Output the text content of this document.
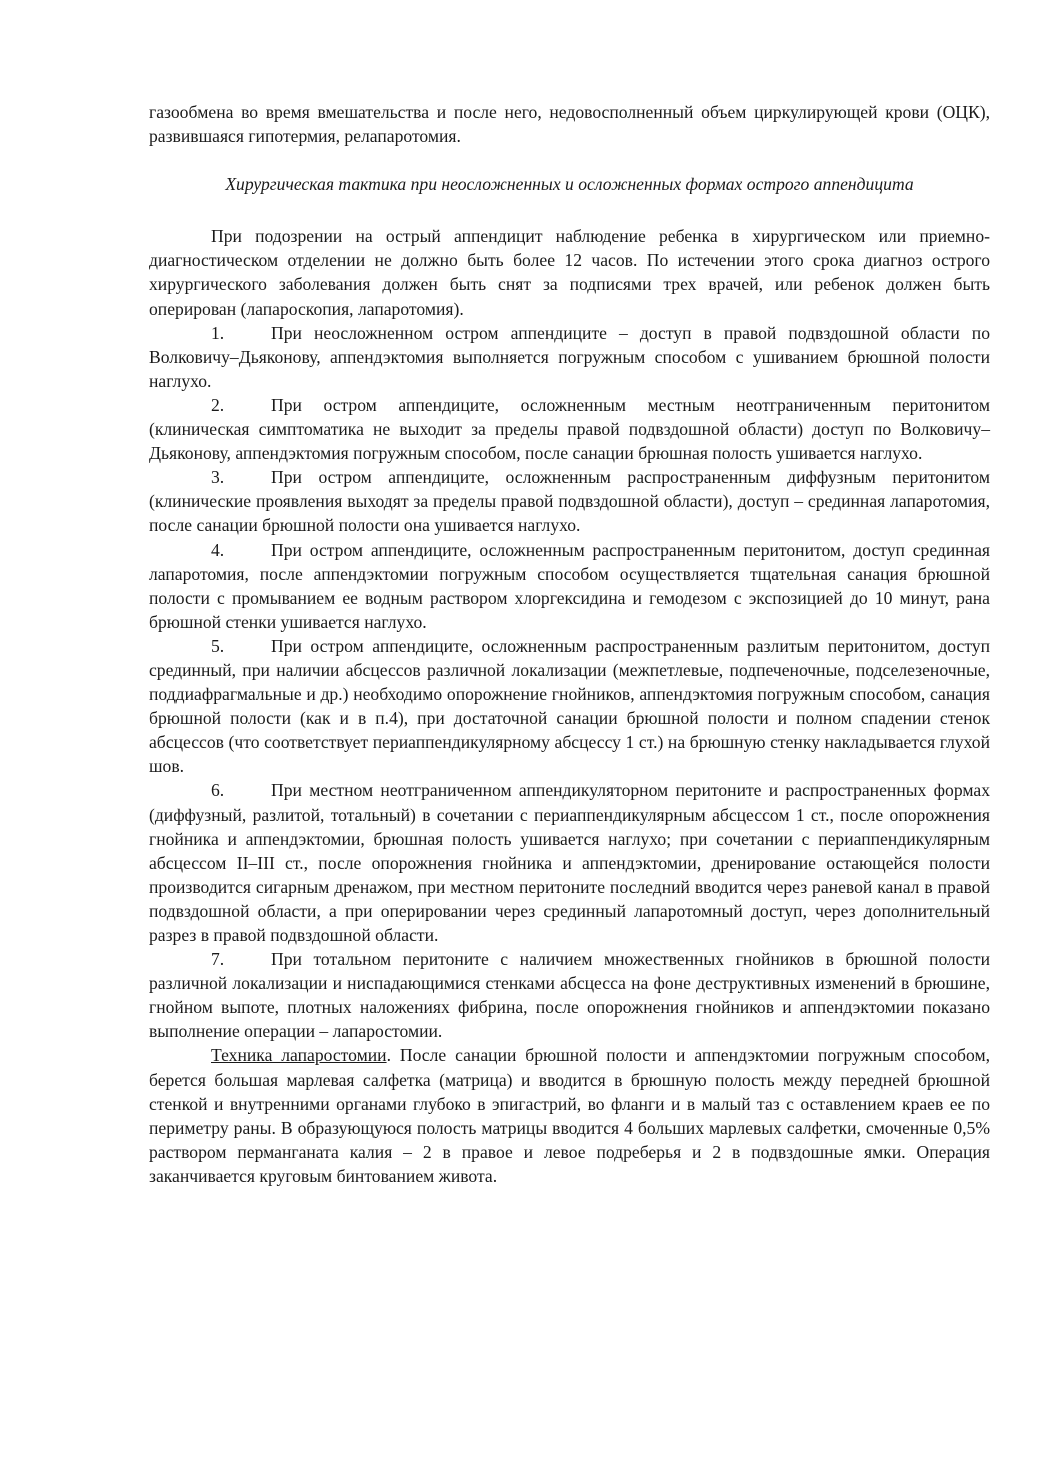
газообмена во время вмешательства и после него, недовосполненный объем циркулирующей крови (ОЦК), развившаяся гипотермия, релапаротомия.

Хирургическая тактика при неосложненных и осложненных формах острого аппендицита

При подозрении на острый аппендицит наблюдение ребенка в хирургическом или приемно-диагностическом отделении не должно быть более 12 часов. По истечении этого срока диагноз острого хирургического заболевания должен быть снят за подписями трех врачей, или ребенок должен быть оперирован (лапароскопия, лапаротомия).

1.	При неосложненном остром аппендиците – доступ в правой подвздошной области по Волковичу–Дьяконову, аппендэктомия выполняется погружным способом с ушиванием брюшной полости наглухо.

2.	При остром аппендиците, осложненным местным неотграниченным перитонитом (клиническая симптоматика не выходит за пределы правой подвздошной области) доступ по Волковичу–Дьяконову, аппендэктомия погружным способом, после санации брюшная полость ушивается наглухо.

3.	При остром аппендиците, осложненным распространенным диффузным перитонитом (клинические проявления выходят за пределы правой подвздошной области), доступ – срединная лапаротомия, после санации брюшной полости она ушивается наглухо.

4.	При остром аппендиците, осложненным распространенным перитонитом, доступ срединная лапаротомия, после аппендэктомии погружным способом осуществляется тщательная санация брюшной полости с промыванием ее водным раствором хлоргексидина и гемодезом с экспозицией до 10 минут, рана брюшной стенки ушивается наглухо.

5.	При остром аппендиците, осложненным распространенным разлитым перитонитом, доступ срединный, при наличии абсцессов различной локализации (межпетлевые, подпеченочные, подселезеночные, поддиафрагмальные и др.) необходимо опорожнение гнойников, аппендэктомия погружным способом, санация брюшной полости (как и в п.4), при достаточной санации брюшной полости и полном спадении стенок абсцессов (что соответствует периаппендикулярному абсцессу 1 ст.) на брюшную стенку накладывается глухой шов.

6.	При местном неотграниченном аппендикуляторном перитоните и распространенных формах (диффузный, разлитой, тотальный) в сочетании с периаппендикулярным абсцессом 1 ст., после опорожнения гнойника и аппендэктомии, брюшная полость ушивается наглухо; при сочетании с периаппендикулярным абсцессом II–III ст., после опорожнения гнойника и аппендэктомии, дренирование остающейся полости производится сигарным дренажом, при местном перитоните последний вводится через раневой канал в правой подвздошной области, а при оперировании через срединный лапаротомный доступ, через дополнительный разрез в правой подвздошной области.

7.	При тотальном перитоните с наличием множественных гнойников в брюшной полости различной локализации и ниспадающимися стенками абсцесса на фоне деструктивных изменений в брюшине, гнойном выпоте, плотных наложениях фибрина, после опорожнения гнойников и аппендэктомии показано выполнение операции – лапаростомии.

Техника лапаростомии. После санации брюшной полости и аппендэктомии погружным способом, берется большая марлевая салфетка (матрица) и вводится в брюшную полость между передней брюшной стенкой и внутренними органами глубоко в эпигастрий, во фланги и в малый таз с оставлением краев ее по периметру раны. В образующуюся полость матрицы вводится 4 больших марлевых салфетки, смоченные 0,5% раствором перманганата калия – 2 в правое и левое подреберья и 2 в подвздошные ямки. Операция заканчивается круговым бинтованием живота.
